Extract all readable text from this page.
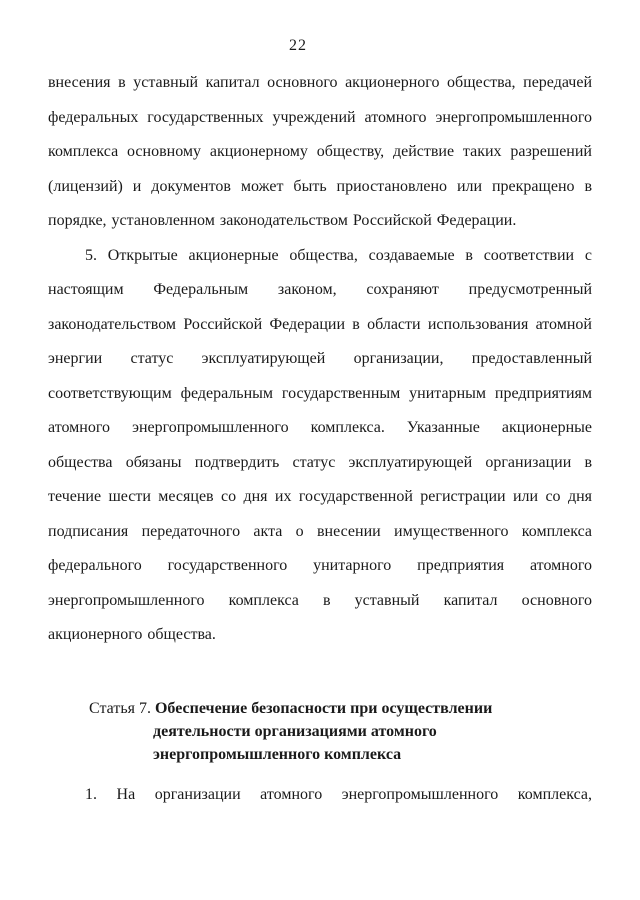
22
внесения в уставный капитал основного акционерного общества, передачей
федеральных государственных учреждений атомного энергопромышленного
комплекса основному акционерному обществу, действие таких разрешений
(лицензий) и документов может быть приостановлено или прекращено в
порядке, установленном законодательством Российской Федерации.
5. Открытые акционерные общества, создаваемые в соответствии с
настоящим Федеральным законом, сохраняют предусмотренный
законодательством Российской Федерации в области использования атомной
энергии статус эксплуатирующей организации, предоставленный
соответствующим федеральным государственным унитарным предприятиям
атомного энергопромышленного комплекса. Указанные акционерные
общества обязаны подтвердить статус эксплуатирующей организации в
течение шести месяцев со дня их государственной регистрации или со дня
подписания передаточного акта о внесении имущественного комплекса
федерального государственного унитарного предприятия атомного
энергопромышленного комплекса в уставный капитал основного
акционерного общества.
Статья 7. Обеспечение безопасности при осуществлении
деятельности организациями атомного
энергопромышленного комплекса
1. На организации атомного энергопромышленного комплекса,
